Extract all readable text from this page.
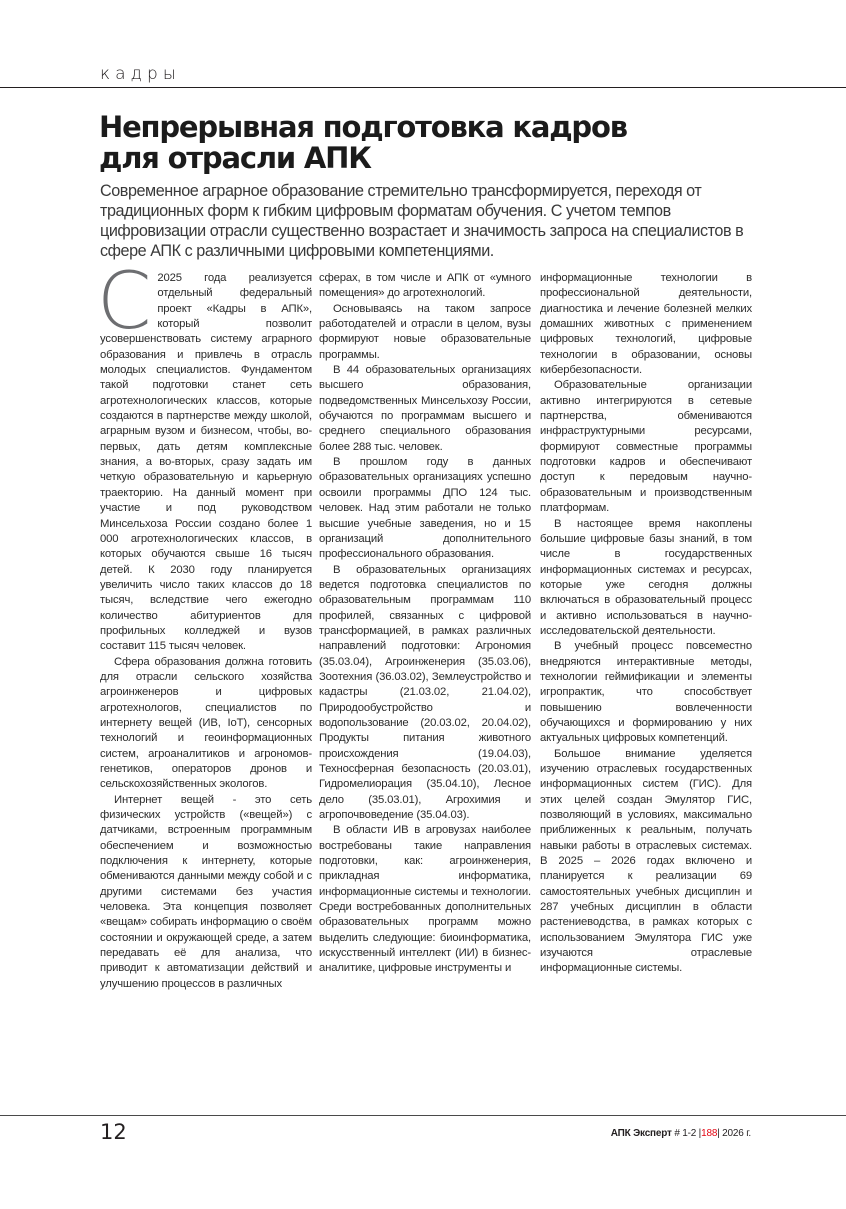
кадры
Непрерывная подготовка кадров
для отрасли АПК

Современное аграрное образование стремительно трансформируется, переходя от традиционных форм к гибким цифровым форматам обучения. С учетом темпов цифровизации отрасли существенно возрастает и значимость запроса на специалистов в сфере АПК с различными цифровыми компетенциями.

С 2025 года реализуется отдельный федеральный проект «Кадры в АПК», который позволит усовершенствовать систему аграрного образования и привлечь в отрасль молодых специалистов. Фундаментом такой подготовки станет сеть агротехнологических классов, которые создаются в партнерстве между школой, аграрным вузом и бизнесом, чтобы, во-первых, дать детям комплексные знания, а во-вторых, сразу задать им четкую образовательную и карьерную траекторию. На данный момент при участие и под руководством Минсельхоза России создано более 1 000 агротехнологических классов, в которых обучаются свыше 16 тысяч детей. К 2030 году планируется увеличить число таких классов до 18 тысяч, вследствие чего ежегодно количество абитуриентов для профильных колледжей и вузов составит 115 тысяч человек.

Сфера образования должна готовить для отрасли сельского хозяйства агроинженеров и цифровых агротехнологов, специалистов по интернету вещей (ИВ, IoT), сенсорных технологий и геоинформационных систем, агроаналитиков и агрономов-генетиков, операторов дронов и сельскохозяйственных экологов.

Интернет вещей - это сеть физических устройств («вещей») с датчиками, встроенным программным обеспечением и возможностью подключения к интернету, которые обмениваются данными между собой и с другими системами без участия человека. Эта концепция позволяет «вещам» собирать информацию о своём состоянии и окружающей среде, а затем передавать её для анализа, что приводит к автоматизации действий и улучшению процессов в различных

сферах, в том числе и АПК от «умного помещения» до агротехнологий.

Основываясь на таком запросе работодателей и отрасли в целом, вузы формируют новые образовательные программы.

В 44 образовательных организациях высшего образования, подведомственных Минсельхозу России, обучаются по программам высшего и среднего специального образования более 288 тыс. человек.

В прошлом году в данных образовательных организациях успешно освоили программы ДПО 124 тыс. человек. Над этим работали не только высшие учебные заведения, но и 15 организаций дополнительного профессионального образования.

В образовательных организациях ведется подготовка специалистов по образовательным программам 110 профилей, связанных с цифровой трансформацией, в рамках различных направлений подготовки: Агрономия (35.03.04), Агроинженерия (35.03.06), Зоотехния (36.03.02), Землеустройство и кадастры (21.03.02, 21.04.02), Природообустройство и водопользование (20.03.02, 20.04.02), Продукты питания животного происхождения (19.04.03), Техносферная безопасность (20.03.01), Гидромелиорация (35.04.10), Лесное дело (35.03.01), Агрохимия и агропочвоведение (35.04.03).

В области ИВ в агровузах наиболее востребованы такие направления подготовки, как: агроинженерия, прикладная информатика, информационные системы и технологии. Среди востребованных дополнительных образовательных программ можно выделить следующие: биоинформатика, искусственный интеллект (ИИ) в бизнес-аналитике, цифровые инструменты и

информационные технологии в профессиональной деятельности, диагностика и лечение болезней мелких домашних животных с применением цифровых технологий, цифровые технологии в образовании, основы кибербезопасности.

Образовательные организации активно интегрируются в сетевые партнерства, обмениваются инфраструктурными ресурсами, формируют совместные программы подготовки кадров и обеспечивают доступ к передовым научно-образовательным и производственным платформам.

В настоящее время накоплены большие цифровые базы знаний, в том числе в государственных информационных системах и ресурсах, которые уже сегодня должны включаться в образовательный процесс и активно использоваться в научно-исследовательской деятельности.

В учебный процесс повсеместно внедряются интерактивные методы, технологии геймификации и элементы игропрактик, что способствует повышению вовлеченности обучающихся и формированию у них актуальных цифровых компетенций.

Большое внимание уделяется изучению отраслевых государственных информационных систем (ГИС). Для этих целей создан Эмулятор ГИС, позволяющий в условиях, максимально приближенных к реальным, получать навыки работы в отраслевых системах. В 2025 – 2026 годах включено и планируется к реализации 69 самостоятельных учебных дисциплин и 287 учебных дисциплин в области растениеводства, в рамках которых с использованием Эмулятора ГИС уже изучаются отраслевые информационные системы.

12	АПК Эксперт # 1-2 |188| 2026 г.
